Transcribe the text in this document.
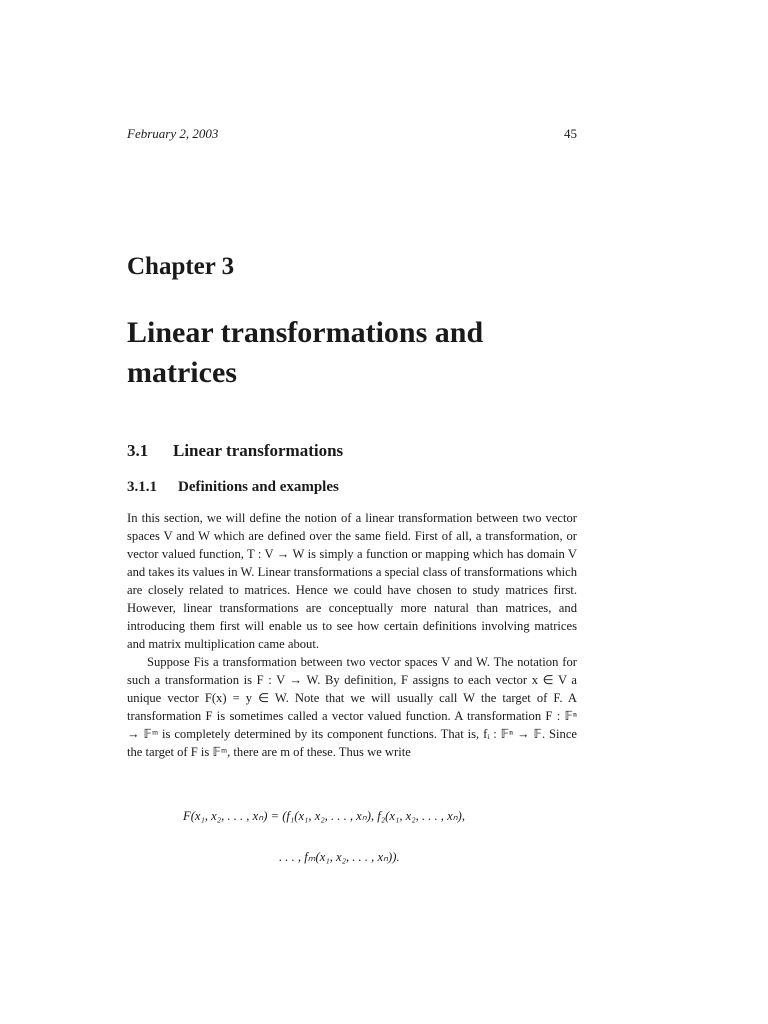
February 2, 2003	45
Chapter 3
Linear transformations and matrices
3.1 Linear transformations
3.1.1 Definitions and examples

In this section, we will define the notion of a linear transformation between two vector spaces V and W which are defined over the same field. First of all, a transformation, or vector valued function, T : V → W is simply a function or mapping which has domain V and takes its values in W. Linear transformations a special class of transformations which are closely related to matrices. Hence we could have chosen to study matrices first. However, linear transformations are conceptually more natural than matrices, and introducing them first will enable us to see how certain definitions involving matrices and matrix multiplication came about.

Suppose Fis a transformation between two vector spaces V and W. The notation for such a transformation is F : V → W. By definition, F assigns to each vector x ∈ V a unique vector F(x) = y ∈ W. Note that we will usually call W the target of F. A transformation F is sometimes called a vector valued function. A transformation F : 𝔽ⁿ → 𝔽ᵐ is completely determined by its component functions. That is, fᵢ : 𝔽ⁿ → 𝔽. Since the target of F is 𝔽ᵐ, there are m of these. Thus we write

F(x₁, x₂, . . . , xₙ) = (f₁(x₁, x₂, . . . , xₙ), f₂(x₁, x₂, . . . , xₙ),
. . . , fₘ(x₁, x₂, . . . , xₙ)).
